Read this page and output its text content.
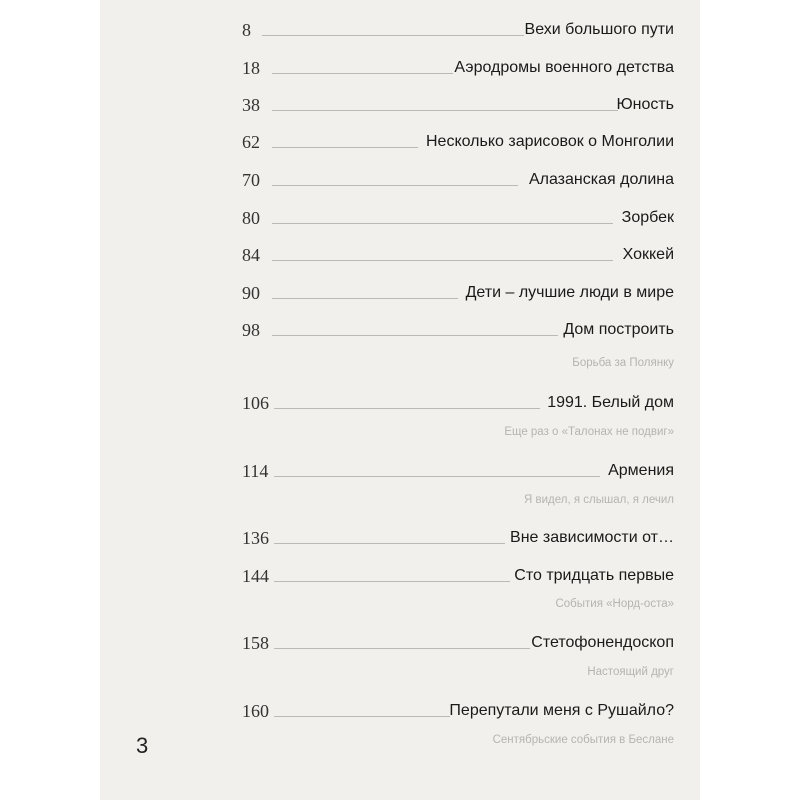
8	Вехи большого пути
18	Аэродромы военного детства
38	Юность
62	Несколько зарисовок о Монголии
70	Алазанская долина
80	Зорбек
84	Хоккей
90	Дети – лучшие люди в мире
98	Дом построить
Борьба за Полянку
106	1991. Белый дом
Еще раз о «Талонах не подвиг»
114	Армения
Я видел, я слышал, я лечил
136	Вне зависимости от…
144	Сто тридцать первые
События «Норд-оста»
158	Стетофонендоскоп
Настоящий друг
160	Перепутали меня с Рушайло?
Сентябрьские события в Беслане
3
